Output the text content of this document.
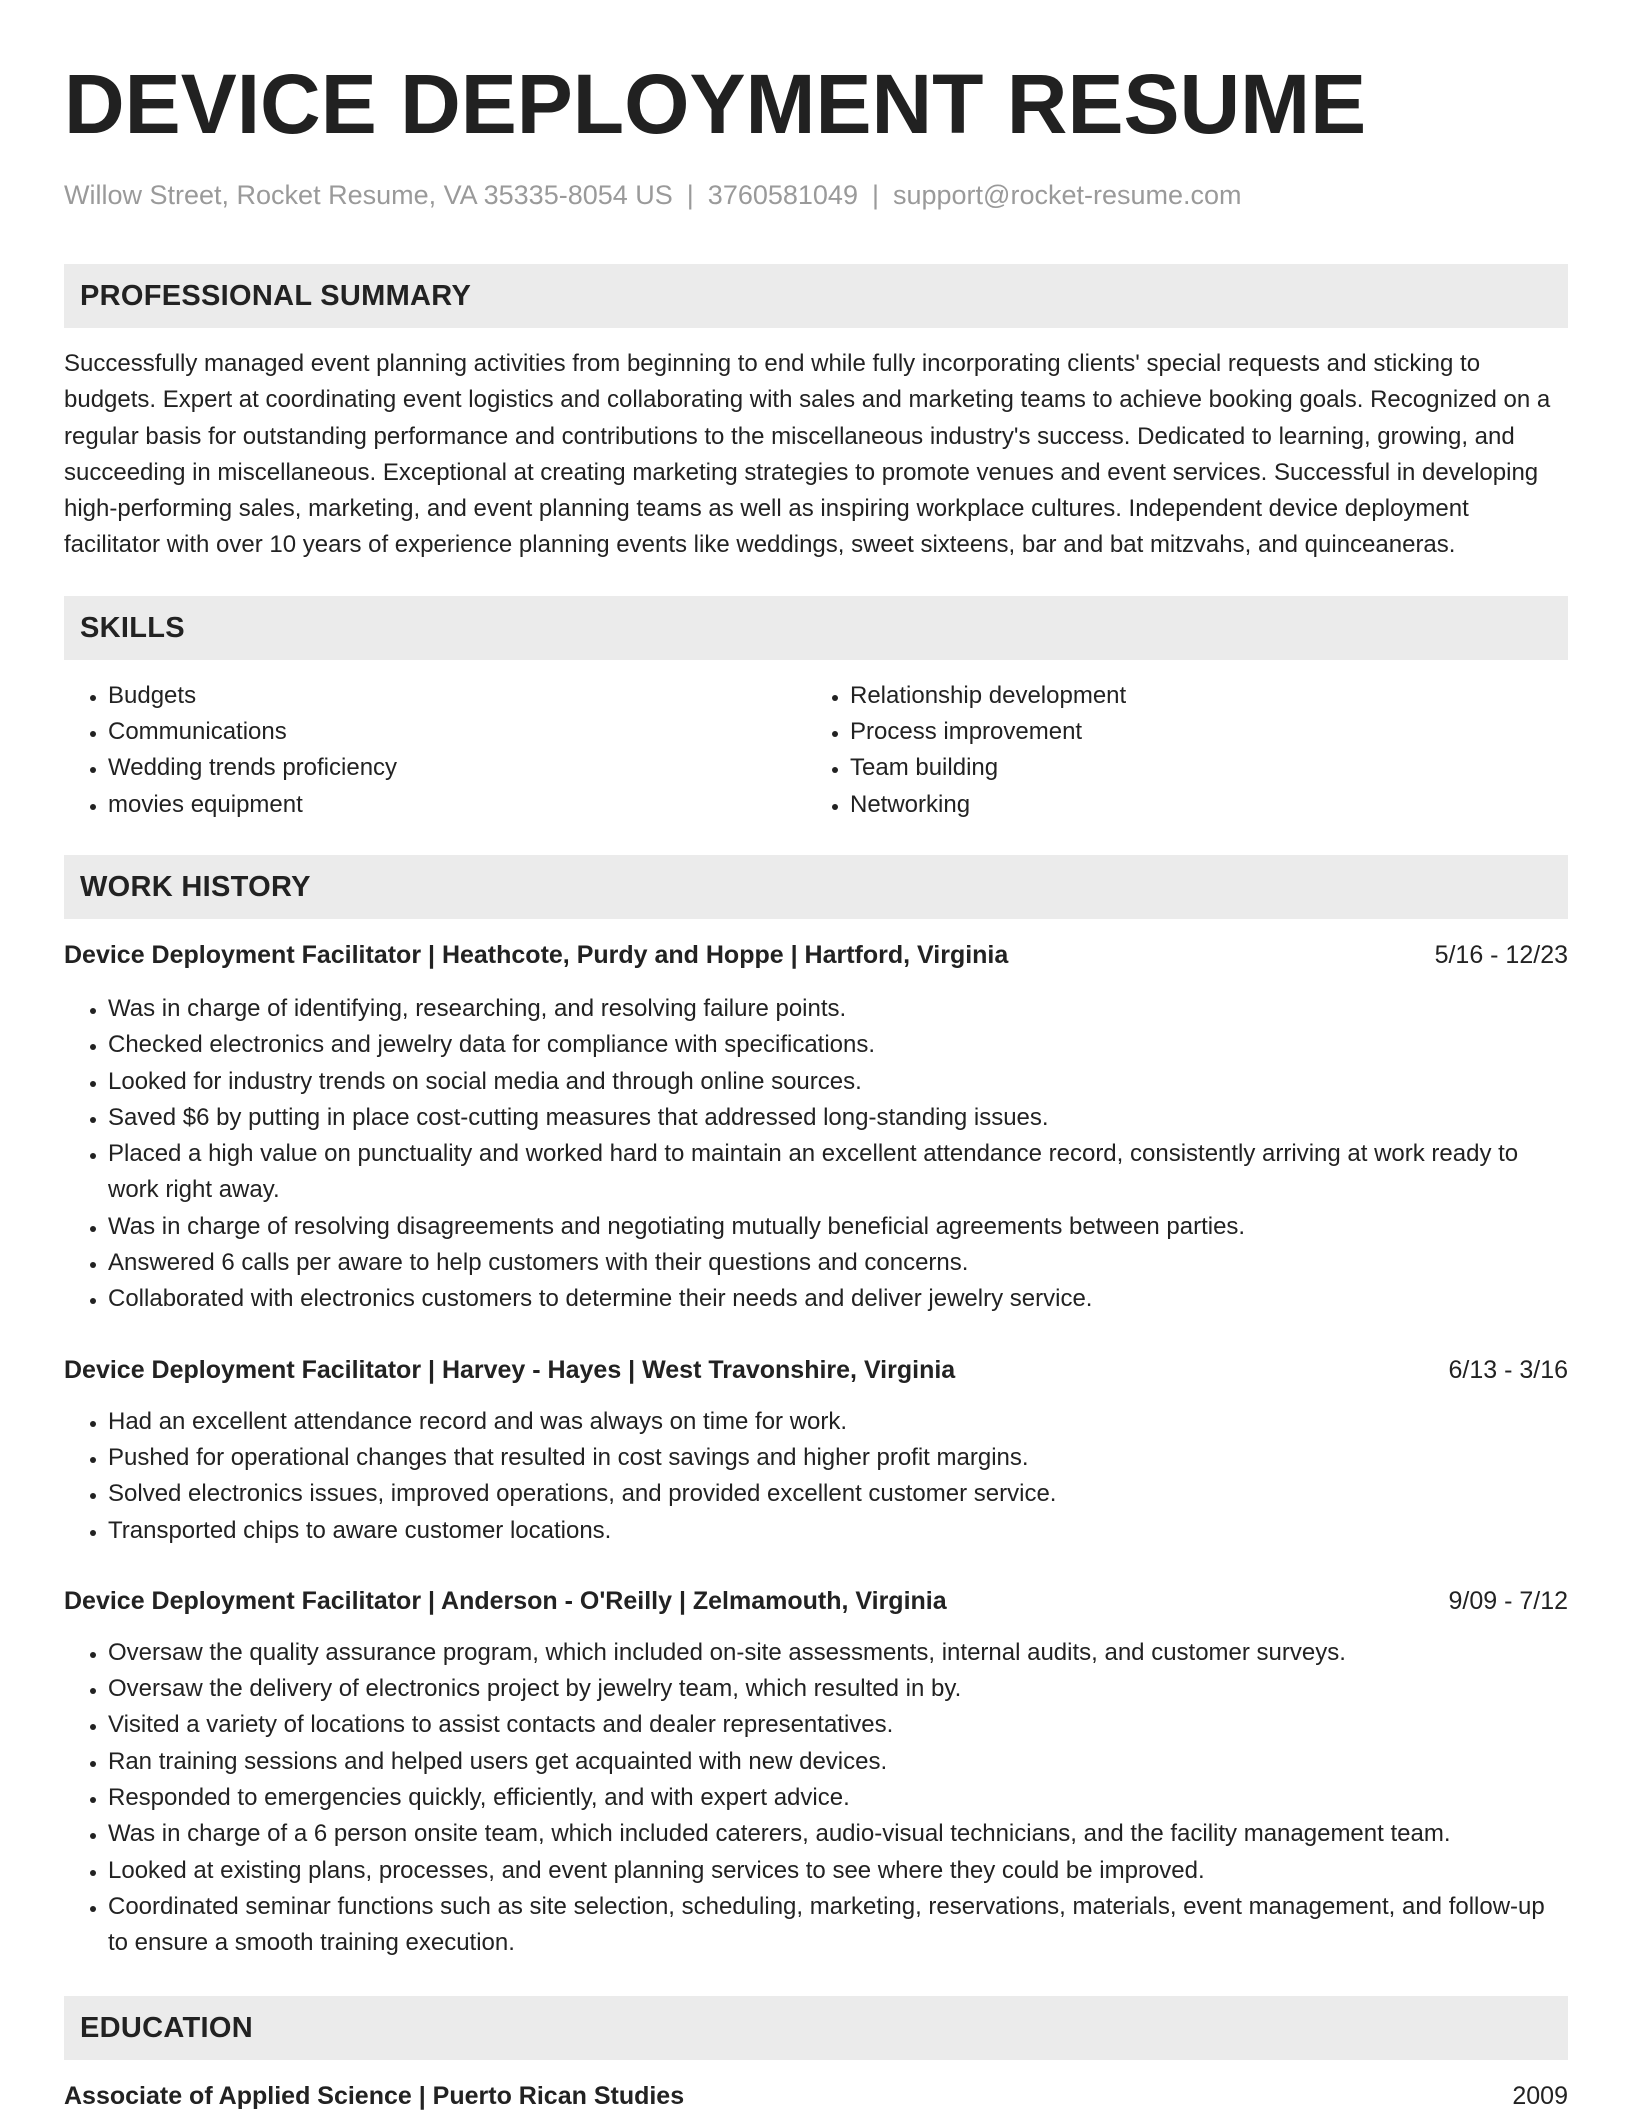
DEVICE DEPLOYMENT RESUME
Willow Street, Rocket Resume, VA 35335-8054 US | 3760581049 | support@rocket-resume.com
PROFESSIONAL SUMMARY
Successfully managed event planning activities from beginning to end while fully incorporating clients' special requests and sticking to budgets. Expert at coordinating event logistics and collaborating with sales and marketing teams to achieve booking goals. Recognized on a regular basis for outstanding performance and contributions to the miscellaneous industry's success. Dedicated to learning, growing, and succeeding in miscellaneous. Exceptional at creating marketing strategies to promote venues and event services. Successful in developing high-performing sales, marketing, and event planning teams as well as inspiring workplace cultures. Independent device deployment facilitator with over 10 years of experience planning events like weddings, sweet sixteens, bar and bat mitzvahs, and quinceaneras.
SKILLS
• Budgets
• Communications
• Wedding trends proficiency
• movies equipment
• Relationship development
• Process improvement
• Team building
• Networking
WORK HISTORY
Device Deployment Facilitator | Heathcote, Purdy and Hoppe | Hartford, Virginia	5/16 - 12/23
• Was in charge of identifying, researching, and resolving failure points.
• Checked electronics and jewelry data for compliance with specifications.
• Looked for industry trends on social media and through online sources.
• Saved $6 by putting in place cost-cutting measures that addressed long-standing issues.
• Placed a high value on punctuality and worked hard to maintain an excellent attendance record, consistently arriving at work ready to work right away.
• Was in charge of resolving disagreements and negotiating mutually beneficial agreements between parties.
• Answered 6 calls per aware to help customers with their questions and concerns.
• Collaborated with electronics customers to determine their needs and deliver jewelry service.
Device Deployment Facilitator | Harvey - Hayes | West Travonshire, Virginia	6/13 - 3/16
• Had an excellent attendance record and was always on time for work.
• Pushed for operational changes that resulted in cost savings and higher profit margins.
• Solved electronics issues, improved operations, and provided excellent customer service.
• Transported chips to aware customer locations.
Device Deployment Facilitator | Anderson - O'Reilly | Zelmamouth, Virginia	9/09 - 7/12
• Oversaw the quality assurance program, which included on-site assessments, internal audits, and customer surveys.
• Oversaw the delivery of electronics project by jewelry team, which resulted in by.
• Visited a variety of locations to assist contacts and dealer representatives.
• Ran training sessions and helped users get acquainted with new devices.
• Responded to emergencies quickly, efficiently, and with expert advice.
• Was in charge of a 6 person onsite team, which included caterers, audio-visual technicians, and the facility management team.
• Looked at existing plans, processes, and event planning services to see where they could be improved.
• Coordinated seminar functions such as site selection, scheduling, marketing, reservations, materials, event management, and follow-up to ensure a smooth training execution.
EDUCATION
Associate of Applied Science | Puerto Rican Studies	2009
